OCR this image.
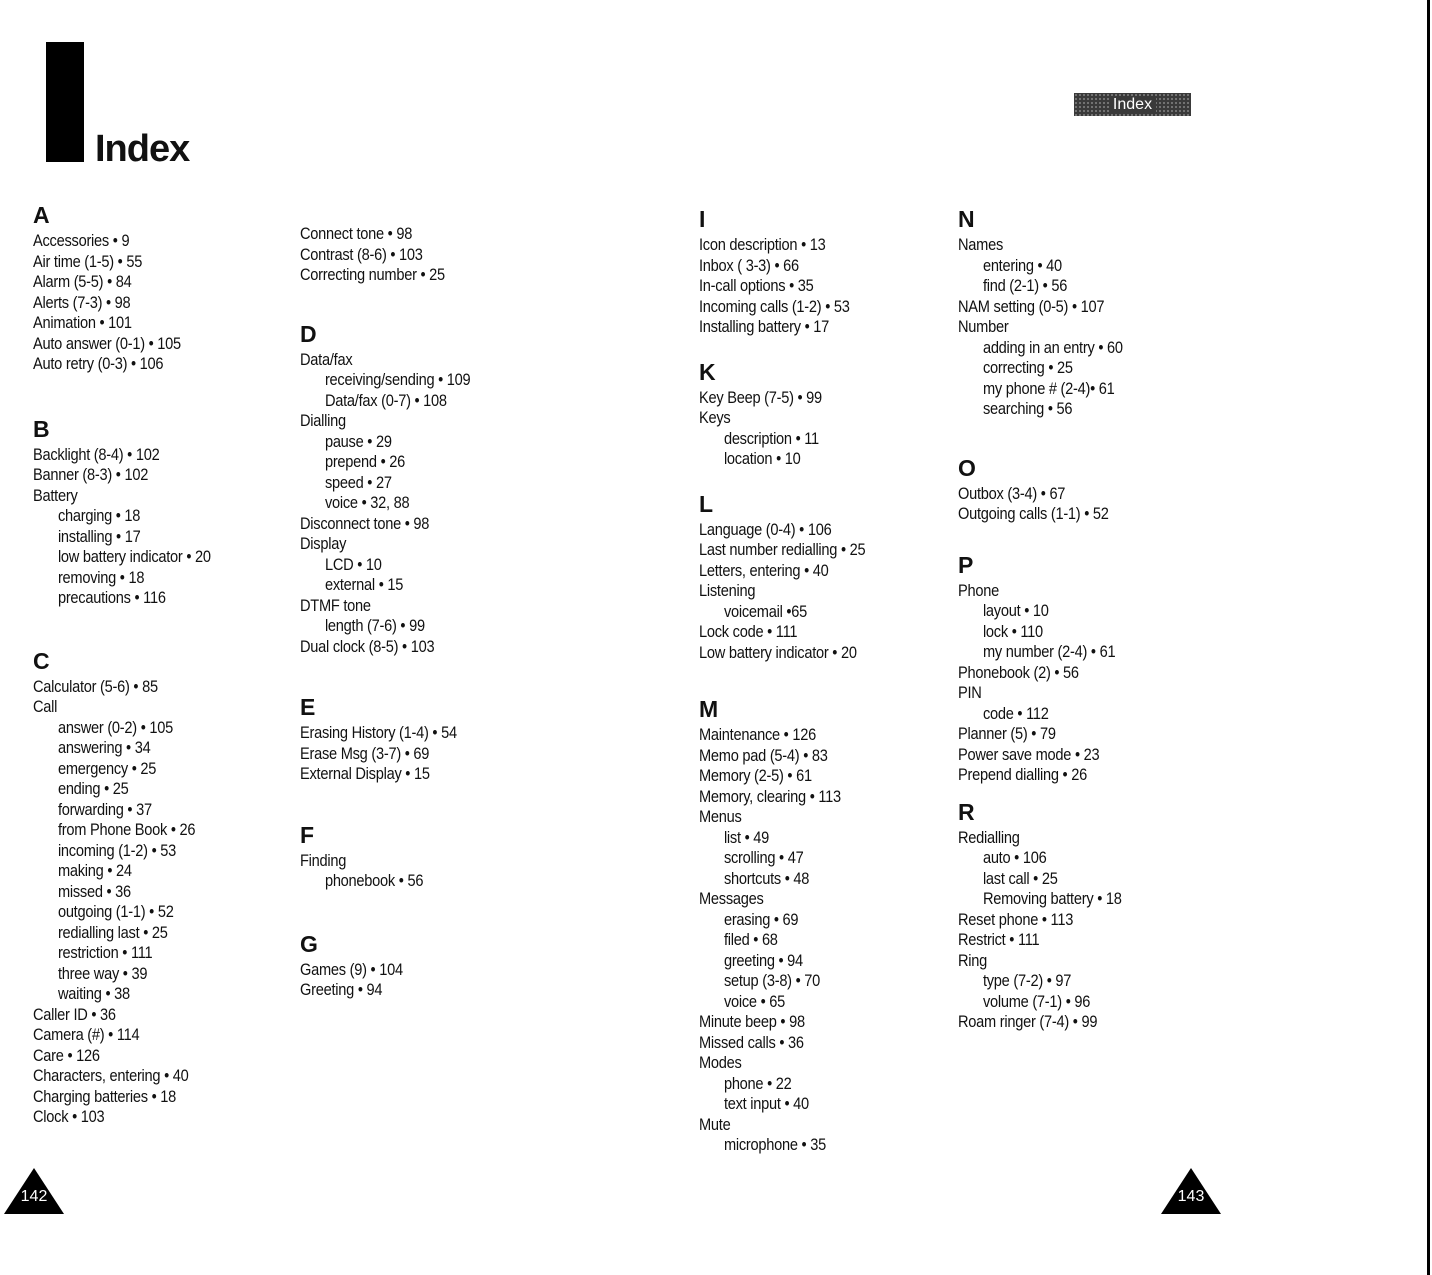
Index
Index
A
Accessories • 9
Air time (1-5) • 55
Alarm (5-5) • 84
Alerts (7-3) • 98
Animation • 101
Auto answer (0-1) • 105
Auto retry (0-3) • 106
B
Backlight (8-4) • 102
Banner (8-3) • 102
Battery
charging • 18
installing • 17
low battery indicator • 20
removing • 18
precautions • 116
C
Calculator (5-6) • 85
Call
answer (0-2) • 105
answering • 34
emergency • 25
ending • 25
forwarding • 37
from Phone Book • 26
incoming (1-2) • 53
making • 24
missed • 36
outgoing (1-1) • 52
redialling last • 25
restriction • 111
three way • 39
waiting • 38
Caller ID • 36
Camera (#) • 114
Care • 126
Characters, entering • 40
Charging batteries • 18
Clock • 103
Connect tone • 98
Contrast (8-6) • 103
Correcting number • 25
D
Data/fax
receiving/sending • 109
Data/fax (0-7) • 108
Dialling
pause • 29
prepend • 26
speed • 27
voice • 32, 88
Disconnect tone • 98
Display
LCD • 10
external • 15
DTMF tone
length (7-6) • 99
Dual clock (8-5) • 103
E
Erasing History (1-4) • 54
Erase Msg (3-7) • 69
External Display • 15
F
Finding
phonebook • 56
G
Games (9) • 104
Greeting • 94
I
Icon description • 13
Inbox ( 3-3) • 66
In-call options • 35
Incoming calls (1-2) • 53
Installing battery • 17
K
Key Beep (7-5) • 99
Keys
description • 11
location • 10
L
Language (0-4) • 106
Last number redialling • 25
Letters, entering • 40
Listening
voicemail •65
Lock code • 111
Low battery indicator • 20
M
Maintenance • 126
Memo pad (5-4) • 83
Memory (2-5) • 61
Memory, clearing • 113
Menus
list • 49
scrolling • 47
shortcuts • 48
Messages
erasing • 69
filed • 68
greeting • 94
setup (3-8) • 70
voice • 65
Minute beep • 98
Missed calls • 36
Modes
phone • 22
text input • 40
Mute
microphone • 35
N
Names
entering • 40
find (2-1) • 56
NAM setting (0-5) • 107
Number
adding in an entry • 60
correcting • 25
my phone # (2-4)• 61
searching • 56
O
Outbox (3-4) • 67
Outgoing calls (1-1) • 52
P
Phone
layout • 10
lock • 110
my number (2-4) • 61
Phonebook (2) • 56
PIN
code • 112
Planner (5) • 79
Power save mode • 23
Prepend dialling • 26
R
Redialling
auto • 106
last call • 25
Removing battery • 18
Reset phone • 113
Restrict • 111
Ring
type (7-2) • 97
volume (7-1) • 96
Roam ringer (7-4) • 99
142	143
